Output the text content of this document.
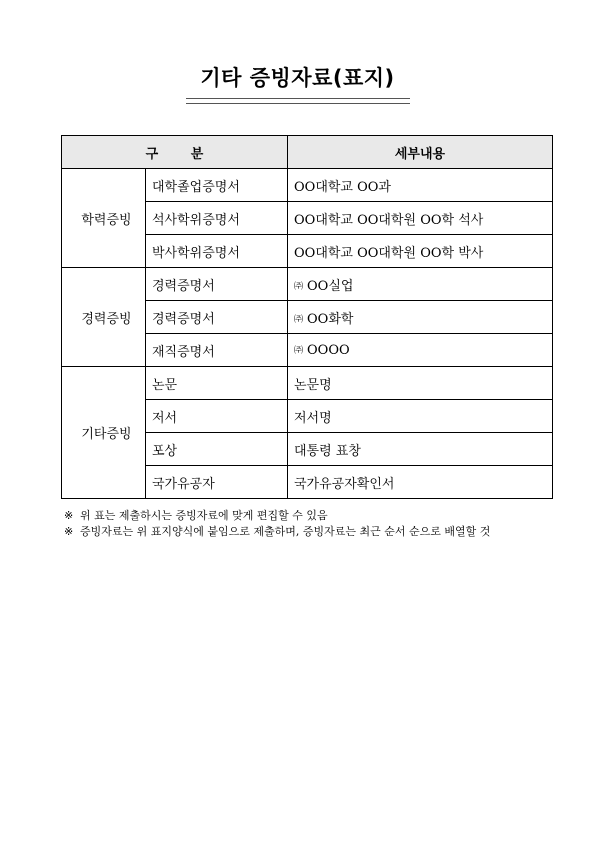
기타 증빙자료(표지)
구 분		세부내용
학력증빙	대학졸업증명서	OO대학교 OO과
	석사학위증명서	OO대학교 OO대학원 OO학 석사
	박사학위증명서	OO대학교 OO대학원 OO학 박사
경력증빙	경력증명서	㈜ OO실업
	경력증명서	㈜ OO화학
	재직증명서	㈜ OOOO
기타증빙	논문	논문명
	저서	저서명
	포상	대통령 표창
	국가유공자	국가유공자확인서
※ 위 표는 제출하시는 증빙자료에 맞게 편집할 수 있음
※ 증빙자료는 위 표지양식에 붙임으로 제출하며, 증빙자료는 최근 순서 순으로 배열할 것
